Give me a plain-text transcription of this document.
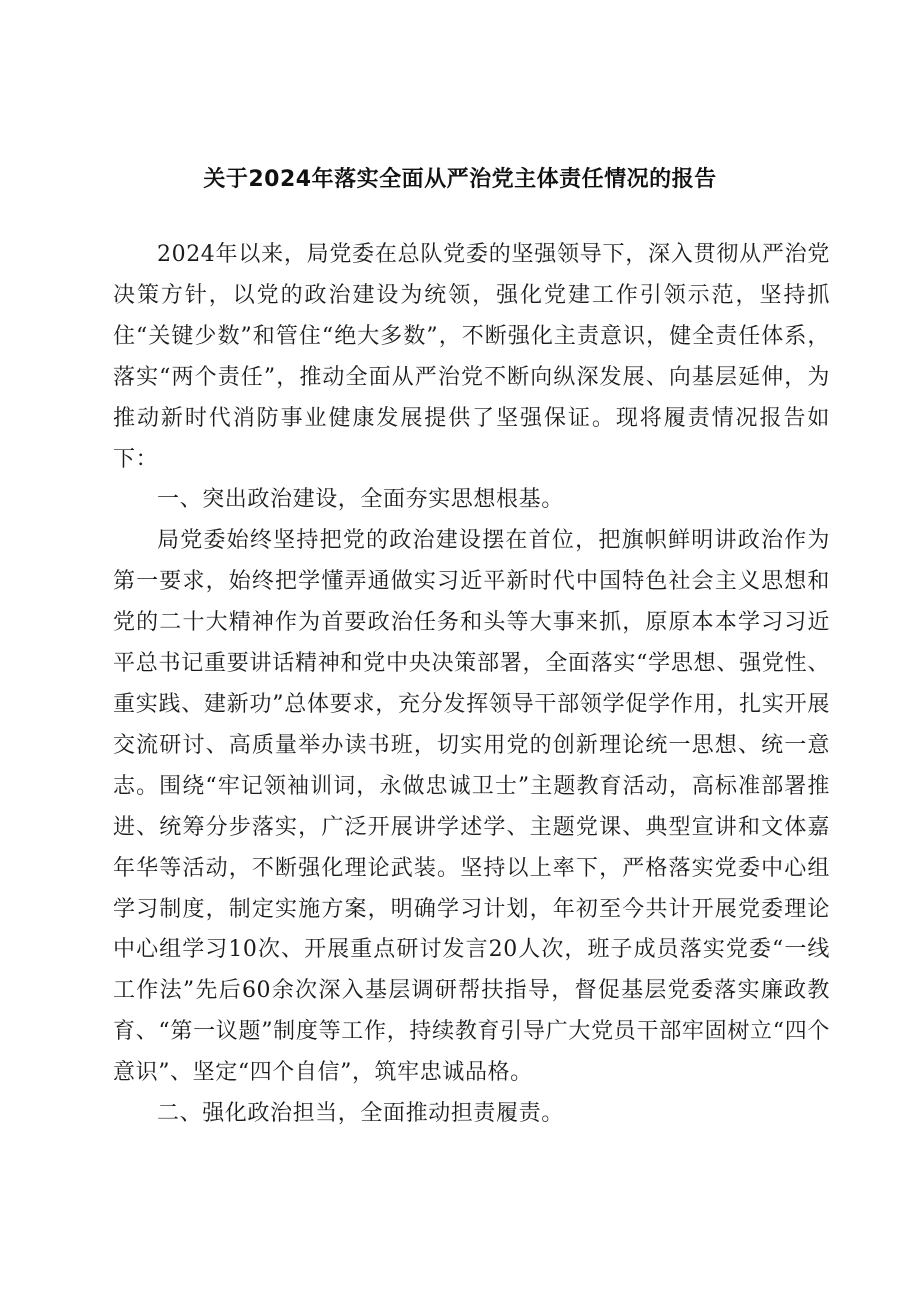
关于2024年落实全面从严治党主体责任情况的报告

2024年以来，局党委在总队党委的坚强领导下，深入贯彻从严治党决策方针，以党的政治建设为统领，强化党建工作引领示范，坚持抓住“关键少数”和管住“绝大多数”，不断强化主责意识，健全责任体系，落实“两个责任”，推动全面从严治党不断向纵深发展、向基层延伸，为推动新时代消防事业健康发展提供了坚强保证。现将履责情况报告如下：

一、突出政治建设，全面夯实思想根基。

局党委始终坚持把党的政治建设摆在首位，把旗帜鲜明讲政治作为第一要求，始终把学懂弄通做实习近平新时代中国特色社会主义思想和党的二十大精神作为首要政治任务和头等大事来抓，原原本本学习习近平总书记重要讲话精神和党中央决策部署，全面落实“学思想、强党性、重实践、建新功”总体要求，充分发挥领导干部领学促学作用，扎实开展交流研讨、高质量举办读书班，切实用党的创新理论统一思想、统一意志。围绕“牢记领袖训词，永做忠诚卫士”主题教育活动，高标准部署推进、统筹分步落实，广泛开展讲学述学、主题党课、典型宣讲和文体嘉年华等活动，不断强化理论武装。坚持以上率下，严格落实党委中心组学习制度，制定实施方案，明确学习计划，年初至今共计开展党委理论中心组学习10次、开展重点研讨发言20人次，班子成员落实党委“一线工作法”先后60余次深入基层调研帮扶指导，督促基层党委落实廉政教育、“第一议题”制度等工作，持续教育引导广大党员干部牢固树立“四个意识”、坚定“四个自信”，筑牢忠诚品格。

二、强化政治担当，全面推动担责履责。
